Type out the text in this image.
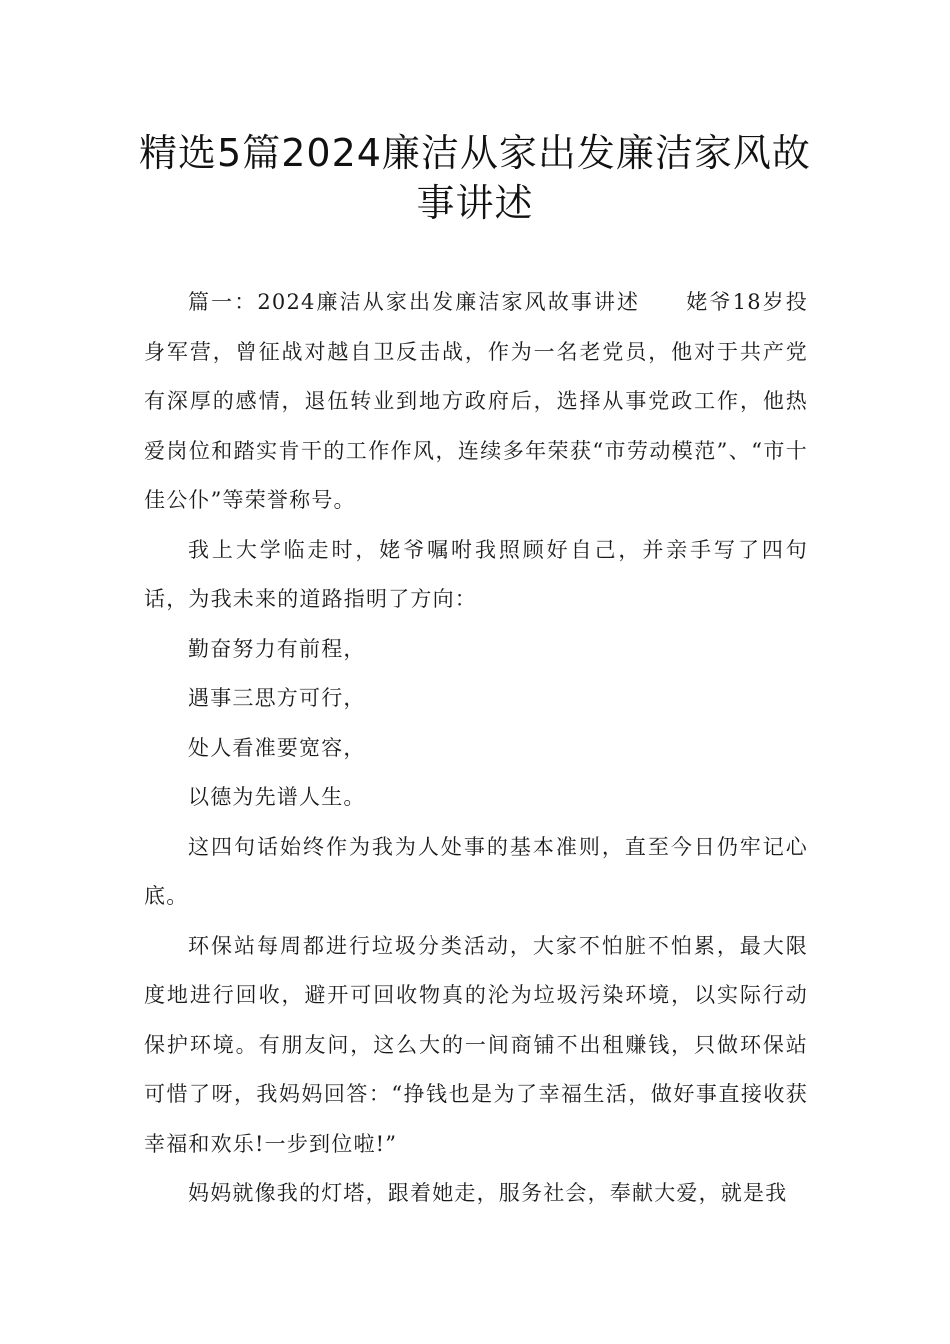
精选5篇2024廉洁从家出发廉洁家风故事讲述

篇一：2024廉洁从家出发廉洁家风故事讲述　　姥爷18岁投身军营，曾征战对越自卫反击战，作为一名老党员，他对于共产党有深厚的感情，退伍转业到地方政府后，选择从事党政工作，他热爱岗位和踏实肯干的工作作风，连续多年荣获“市劳动模范”、“市十佳公仆”等荣誉称号。

我上大学临走时，姥爷嘱咐我照顾好自己，并亲手写了四句话，为我未来的道路指明了方向：

勤奋努力有前程，

遇事三思方可行，

处人看准要宽容，

以德为先谱人生。

这四句话始终作为我为人处事的基本准则，直至今日仍牢记心底。

环保站每周都进行垃圾分类活动，大家不怕脏不怕累，最大限度地进行回收，避开可回收物真的沦为垃圾污染环境，以实际行动保护环境。有朋友问，这么大的一间商铺不出租赚钱，只做环保站可惜了呀，我妈妈回答：“挣钱也是为了幸福生活，做好事直接收获幸福和欢乐!一步到位啦!”

妈妈就像我的灯塔，跟着她走，服务社会，奉献大爱，就是我
